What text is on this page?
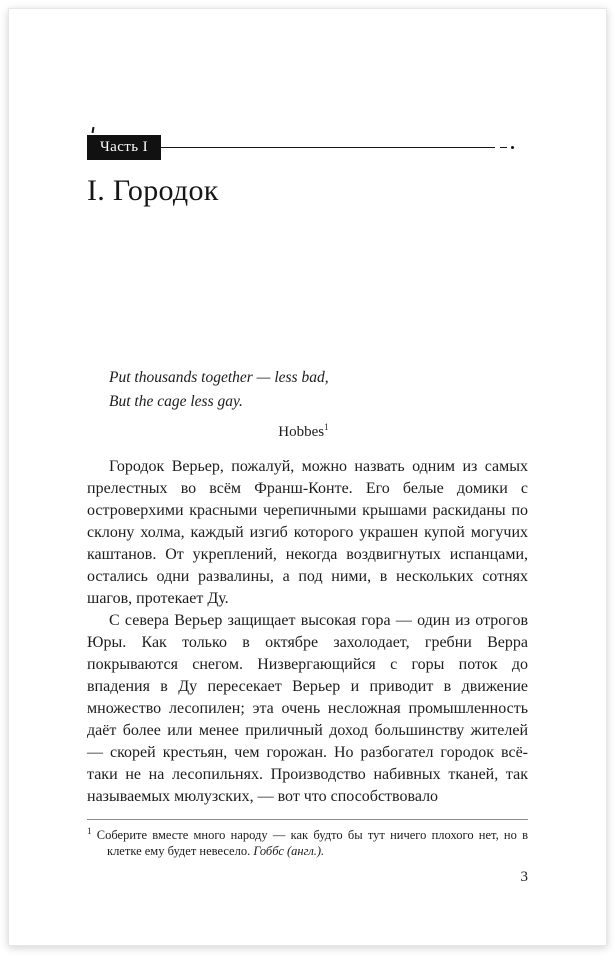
Часть I
I. Городок

Put thousands together — less bad,

But the cage less gay.

Hobbes$^1$

Городок Верьер, пожалуй, можно назвать одним из самых прелестных во всём Франш-Конте. Его белые домики с островерхими красными черепичными крышами раскиданы по склону холма, каждый изгиб которого украшен купой могучих каштанов. От укреплений, некогда воздвигнутых испанцами, остались одни развалины, а под ними, в нескольких сотнях шагов, протекает Ду.

С севера Верьер защищает высокая гора — один из отрогов Юры. Как только в октябре захолодает, гребни Верра покрываются снегом. Низвергающийся с горы поток до впадения в Ду пересекает Верьер и приводит в движение множество лесопилен; эта очень несложная промышленность даёт более или менее приличный доход большинству жителей — скорей крестьян, чем горожан. Но разбогател городок всё-таки не на лесопильнях. Производство набивных тканей, так называемых мюлузских, — вот что способствовало

$^1$ Соберите вместе много народу — как будто бы тут ничего плохого нет, но в клетке ему будет невесело. Гоббс (англ.).

3
